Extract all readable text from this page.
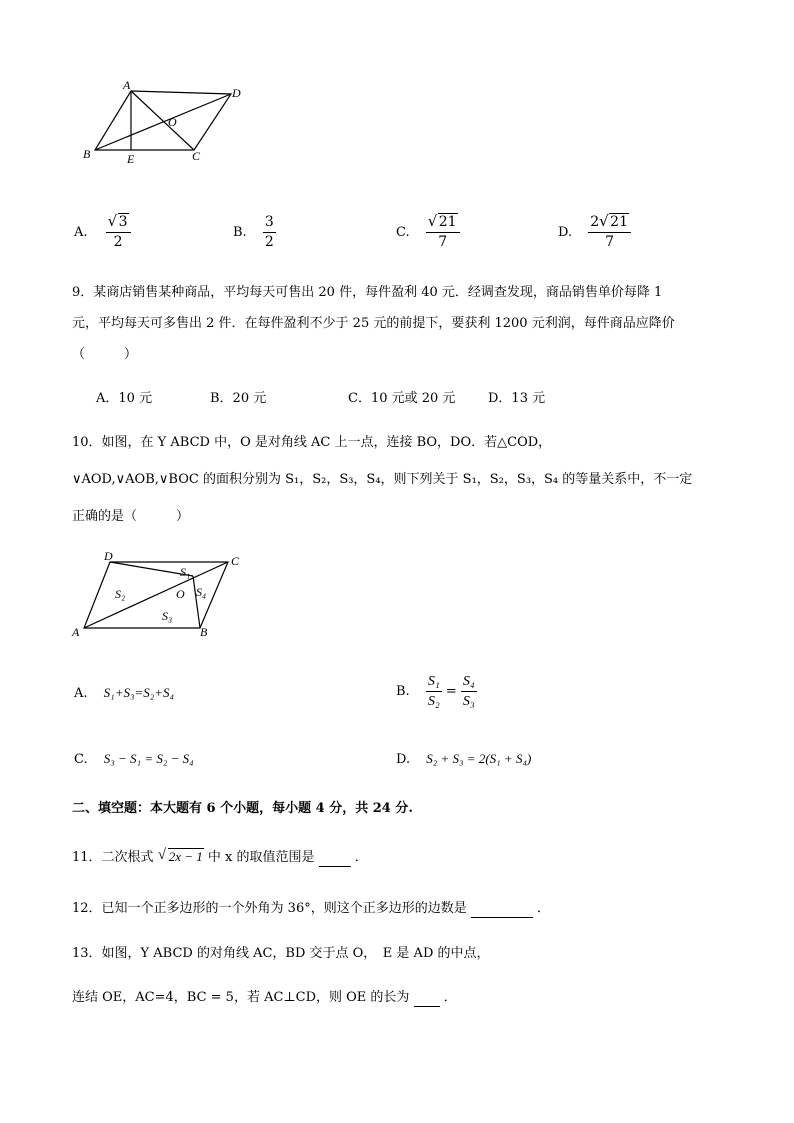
A
D
O
B	E	C
A. $\frac{√ 3}{2}$	B. $\frac{3}{2}$	C. $\frac{√ 21}{7}$	D. $\frac{2 √ 21}{7}$
9．某商店销售某种商品，平均每天可售出 20 件，每件盈利 40 元．经调查发现，商品销售单价每降 1
元，平均每天可多售出 2 件．在每件盈利不少于 25 元的前提下，要获利 1200 元利润，每件商品应降价
（　　　）
A．10 元	B．20 元	C．10 元或 20 元	D．13 元
10．如图，在 Y ABCD 中，O 是对角线 AC 上一点，连接 BO，DO．若△COD，
∨AOD,∨AOB,∨BOC 的面积分别为 S₁，S₂，S₃，S₄，则下列关于 S₁，S₂，S₃，S₄ 的等量关系中，不一定
正确的是（　　　）
D	C
A	B
O
S₁
S₂
S₃
S₄
A. S₁+S₃=S₂+S₄	B. $\frac{\text{S₁}}{\text{S₂}} = \frac{\text{S₄}}{\text{S₃}}$
C. S₃ − S₁ = S₂ − S₄	D. S₂ + S₃ = 2(S₁ + S₄)
二、填空题：本大题有 6 个小题，每小题 4 分，共 24 分.
11．二次根式 √ 2x − 1 中 x 的取值范围是	．
12．已知一个正多边形的一个外角为 36°，则这个正多边形的边数是	．
13．如图，Y ABCD 的对角线 AC，BD 交于点 O，　E 是 AD 的中点，
连结 OE，AC=4，BC = 5，若 AC⊥CD，则 OE 的长为	．
